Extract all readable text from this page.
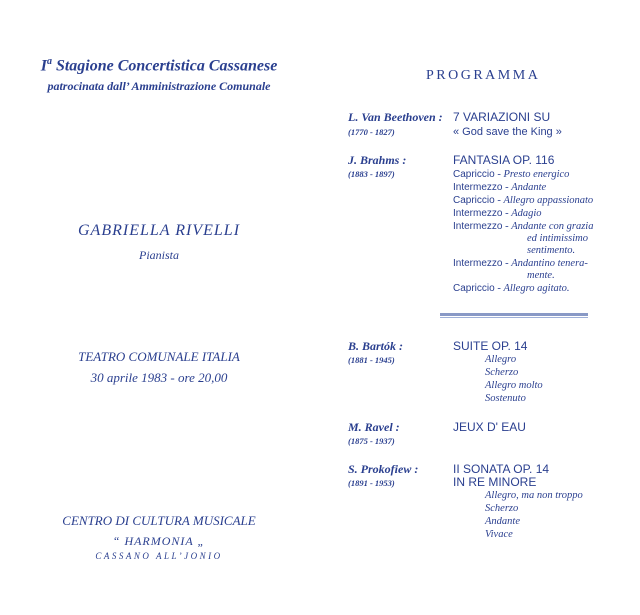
$I^a$ Stagione Concertistica Cassanese
patrocinata dall’ Amministrazione Comunale
GABRIELLA RIVELLI
Pianista
TEATRO COMUNALE ITALIA
30 aprile 1983 - ore 20,00
CENTRO DI CULTURA MUSICALE
“ HARMONIA „
CASSANO ALL’JONIO
PROGRAMMA
L. Van Beethoven :
(1770 - 1827)
7 VARIAZIONI SU
« God save the King »
J. Brahms :
(1883 - 1897)
FANTASIA OP. 116
Capriccio - Presto energico
Intermezzo - Andante
Capriccio - Allegro appassionato
Intermezzo - Adagio
Intermezzo - Andante con grazia
ed intimissimo
sentimento.
Intermezzo - Andantino tenera-
mente.
Capriccio - Allegro agitato.
B. Bartók :
(1881 - 1945)
SUITE OP. 14
Allegro
Scherzo
Allegro molto
Sostenuto
M. Ravel :
(1875 - 1937)
JEUX D' EAU
S. Prokofiew :
(1891 - 1953)
II SONATA OP. 14
IN RE MINORE
Allegro, ma non troppo
Scherzo
Andante
Vivace
